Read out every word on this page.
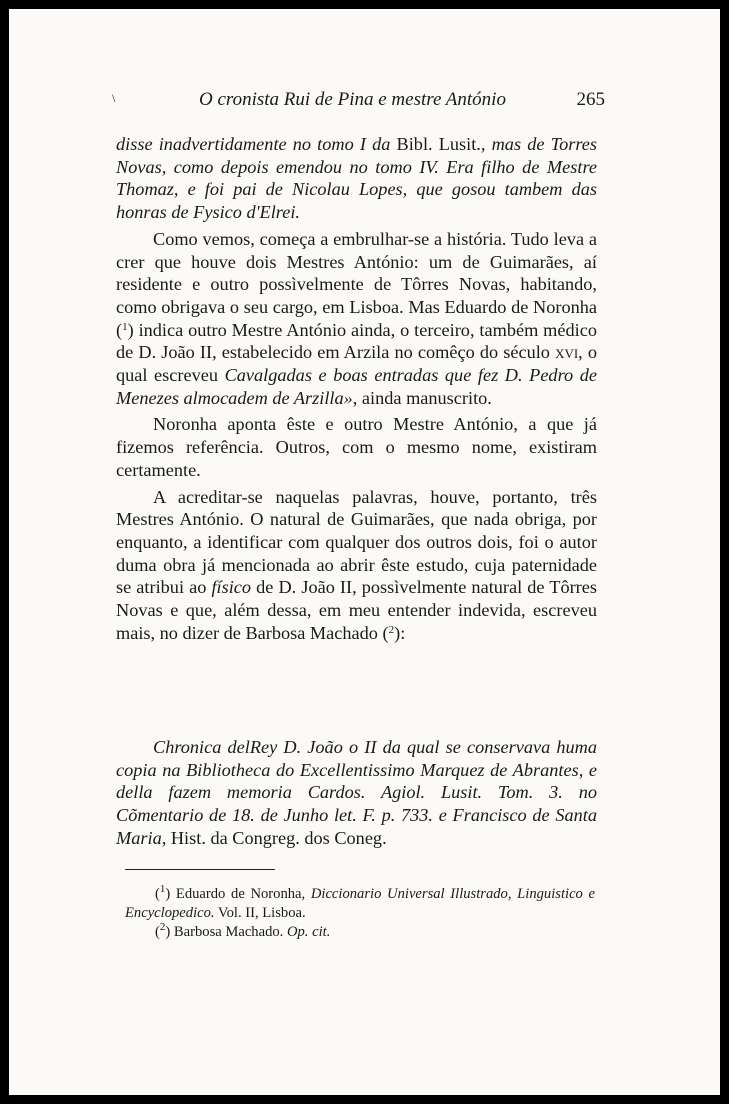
\	O cronista Rui de Pina e mestre António	265

disse inadvertidamente no tomo I da Bibl. Lusit., mas de Torres Novas, como depois emendou no tomo IV. Era filho de Mestre Thomaz, e foi pai de Nicolau Lopes, que gosou tambem das honras de Fysico d'Elrei.

Como vemos, começa a embrulhar-se a história. Tudo leva a crer que houve dois Mestres António: um de Guimarães, aí residente e outro possìvelmente de Tôrres Novas, habitando, como obrigava o seu cargo, em Lisboa. Mas Eduardo de Noronha ($^1$) indica outro Mestre António ainda, o terceiro, também médico de D. João II, estabelecido em Arzila no comêço do século xvi, o qual escreveu Cavalgadas e boas entradas que fez D. Pedro de Menezes almocadem de Arzilla», ainda manuscrito.

Noronha aponta êste e outro Mestre António, a que já fizemos referência. Outros, com o mesmo nome, existiram certamente.

A acreditar-se naquelas palavras, houve, portanto, três Mestres António. O natural de Guimarães, que nada obriga, por enquanto, a identificar com qualquer dos outros dois, foi o autor duma obra já mencionada ao abrir êste estudo, cuja paternidade se atribui ao físico de D. João II, possìvelmente natural de Tôrres Novas e que, além dessa, em meu entender indevida, escreveu mais, no dizer de Barbosa Machado ($^2$):

Chronica delRey D. João o II da qual se conservava huma copia na Bibliotheca do Excellentissimo Marquez de Abrantes, e della fazem memoria Cardos. Agiol. Lusit. Tom. 3. no Cõmentario de 18. de Junho let. F. p. 733. e Francisco de Santa Maria, Hist. da Congreg. dos Coneg.

($^1$) Eduardo de Noronha, Diccionario Universal Illustrado, Linguistico e Encyclopedico. Vol. II, Lisboa.

($^2$) Barbosa Machado. Op. cit.
